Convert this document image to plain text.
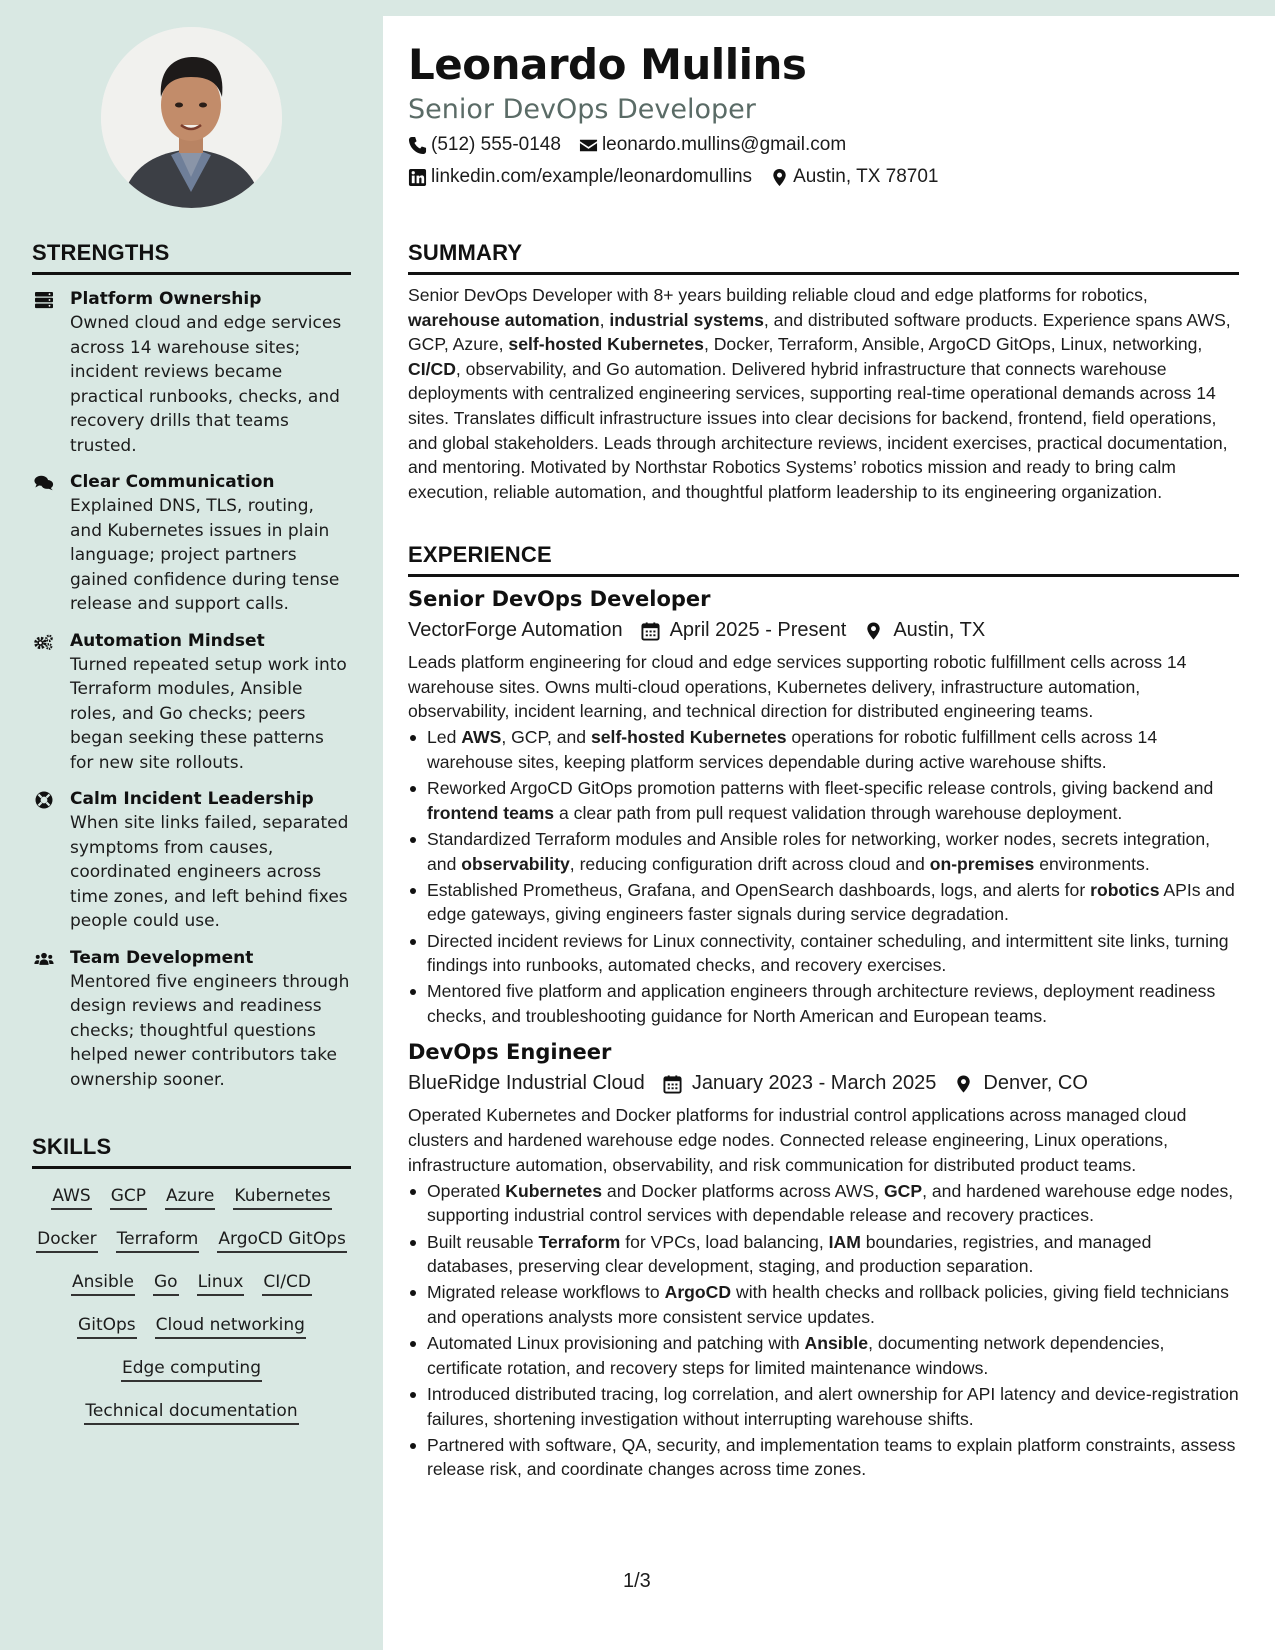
Leonardo Mullins
Senior DevOps Developer
(512) 555-0148 leonardo.mullins@gmail.com
linkedin.com/example/leonardomullins Austin, TX 78701
STRENGTHS
Platform Ownership
Owned cloud and edge services across 14 warehouse sites; incident reviews became practical runbooks, checks, and recovery drills that teams trusted.
Clear Communication
Explained DNS, TLS, routing, and Kubernetes issues in plain language; project partners gained confidence during tense release and support calls.
Automation Mindset
Turned repeated setup work into Terraform modules, Ansible roles, and Go checks; peers began seeking these patterns for new site rollouts.
Calm Incident Leadership
When site links failed, separated symptoms from causes, coordinated engineers across time zones, and left behind fixes people could use.
Team Development
Mentored five engineers through design reviews and readiness checks; thoughtful questions helped newer contributors take ownership sooner.
SKILLS
AWS GCP Azure Kubernetes
Docker Terraform ArgoCD GitOps
Ansible Go Linux CI/CD
GitOps Cloud networking
Edge computing
Technical documentation
SUMMARY

Senior DevOps Developer with 8+ years building reliable cloud and edge platforms for robotics, warehouse automation, industrial systems, and distributed software products. Experience spans AWS, GCP, Azure, self-hosted Kubernetes, Docker, Terraform, Ansible, ArgoCD GitOps, Linux, networking, CI/CD, observability, and Go automation. Delivered hybrid infrastructure that connects warehouse deployments with centralized engineering services, supporting real-time operational demands across 14 sites. Translates difficult infrastructure issues into clear decisions for backend, frontend, field operations, and global stakeholders. Leads through architecture reviews, incident exercises, practical documentation, and mentoring. Motivated by Northstar Robotics Systems’ robotics mission and ready to bring calm execution, reliable automation, and thoughtful platform leadership to its engineering organization.

EXPERIENCE
Senior DevOps Developer
VectorForge Automation April 2025 - Present Austin, TX

Leads platform engineering for cloud and edge services supporting robotic fulfillment cells across 14 warehouse sites. Owns multi-cloud operations, Kubernetes delivery, infrastructure automation, observability, incident learning, and technical direction for distributed engineering teams.

Led AWS, GCP, and self-hosted Kubernetes operations for robotic fulfillment cells across 14 warehouse sites, keeping platform services dependable during active warehouse shifts.
Reworked ArgoCD GitOps promotion patterns with fleet-specific release controls, giving backend and frontend teams a clear path from pull request validation through warehouse deployment.
Standardized Terraform modules and Ansible roles for networking, worker nodes, secrets integration, and observability, reducing configuration drift across cloud and on-premises environments.
Established Prometheus, Grafana, and OpenSearch dashboards, logs, and alerts for robotics APIs and edge gateways, giving engineers faster signals during service degradation.
Directed incident reviews for Linux connectivity, container scheduling, and intermittent site links, turning findings into runbooks, automated checks, and recovery exercises.
Mentored five platform and application engineers through architecture reviews, deployment readiness checks, and troubleshooting guidance for North American and European teams.
DevOps Engineer
BlueRidge Industrial Cloud January 2023 - March 2025 Denver, CO

Operated Kubernetes and Docker platforms for industrial control applications across managed cloud clusters and hardened warehouse edge nodes. Connected release engineering, Linux operations, infrastructure automation, observability, and risk communication for distributed product teams.

Operated Kubernetes and Docker platforms across AWS, GCP, and hardened warehouse edge nodes, supporting industrial control services with dependable release and recovery practices.
Built reusable Terraform for VPCs, load balancing, IAM boundaries, registries, and managed databases, preserving clear development, staging, and production separation.
Migrated release workflows to ArgoCD with health checks and rollback policies, giving field technicians and operations analysts more consistent service updates.
Automated Linux provisioning and patching with Ansible, documenting network dependencies, certificate rotation, and recovery steps for limited maintenance windows.
Introduced distributed tracing, log correlation, and alert ownership for API latency and device-registration failures, shortening investigation without interrupting warehouse shifts.
Partnered with software, QA, security, and implementation teams to explain platform constraints, assess release risk, and coordinate changes across time zones.
1/3
